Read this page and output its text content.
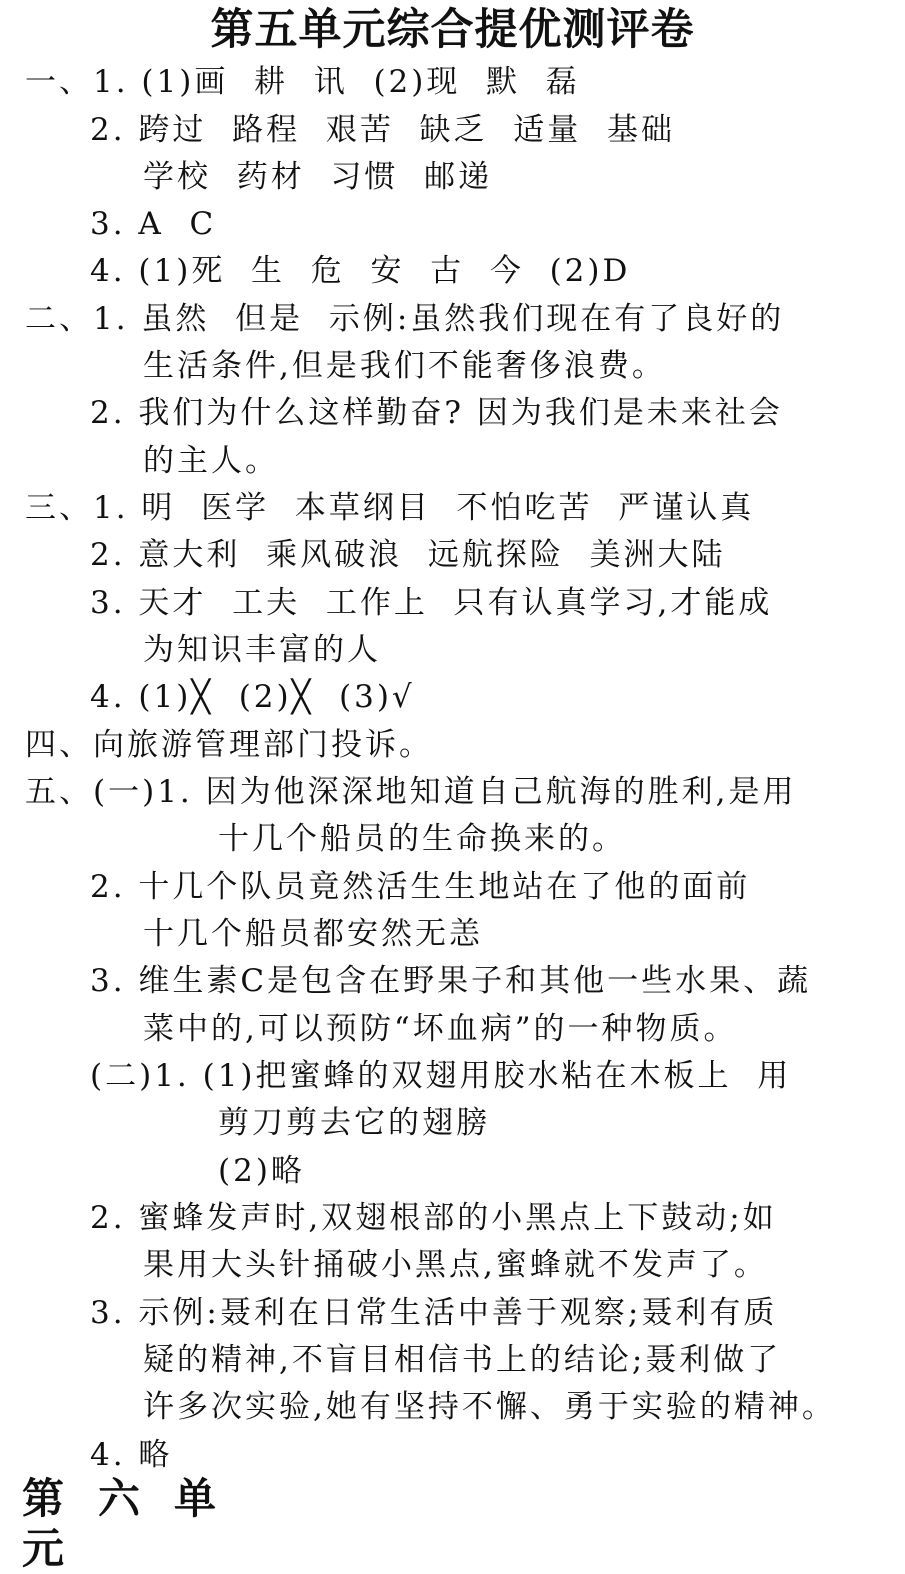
第五单元综合提优测评卷
一、1. (1)画  耕  讯  (2)现  默  磊
2. 跨过  路程  艰苦  缺乏  适量  基础
学校  药材  习惯  邮递
3. A  C
4. (1)死  生  危  安  古  今  (2)D
二、1. 虽然  但是  示例:虽然我们现在有了良好的
生活条件,但是我们不能奢侈浪费。
2. 我们为什么这样勤奋? 因为我们是未来社会
的主人。
三、1. 明  医学  本草纲目  不怕吃苦  严谨认真
2. 意大利  乘风破浪  远航探险  美洲大陆
3. 天才  工夫  工作上  只有认真学习,才能成
为知识丰富的人
4. (1)╳  (2)╳  (3)√
四、向旅游管理部门投诉。
五、(一)1. 因为他深深地知道自己航海的胜利,是用
十几个船员的生命换来的。
2. 十几个队员竟然活生生地站在了他的面前
十几个船员都安然无恙
3. 维生素C是包含在野果子和其他一些水果、蔬
菜中的,可以预防“坏血病”的一种物质。
(二)1. (1)把蜜蜂的双翅用胶水粘在木板上  用
剪刀剪去它的翅膀
(2)略
2. 蜜蜂发声时,双翅根部的小黑点上下鼓动;如
果用大头针捅破小黑点,蜜蜂就不发声了。
3. 示例:聂利在日常生活中善于观察;聂利有质
疑的精神,不盲目相信书上的结论;聂利做了
许多次实验,她有坚持不懈、勇于实验的精神。
4. 略
第六单元
